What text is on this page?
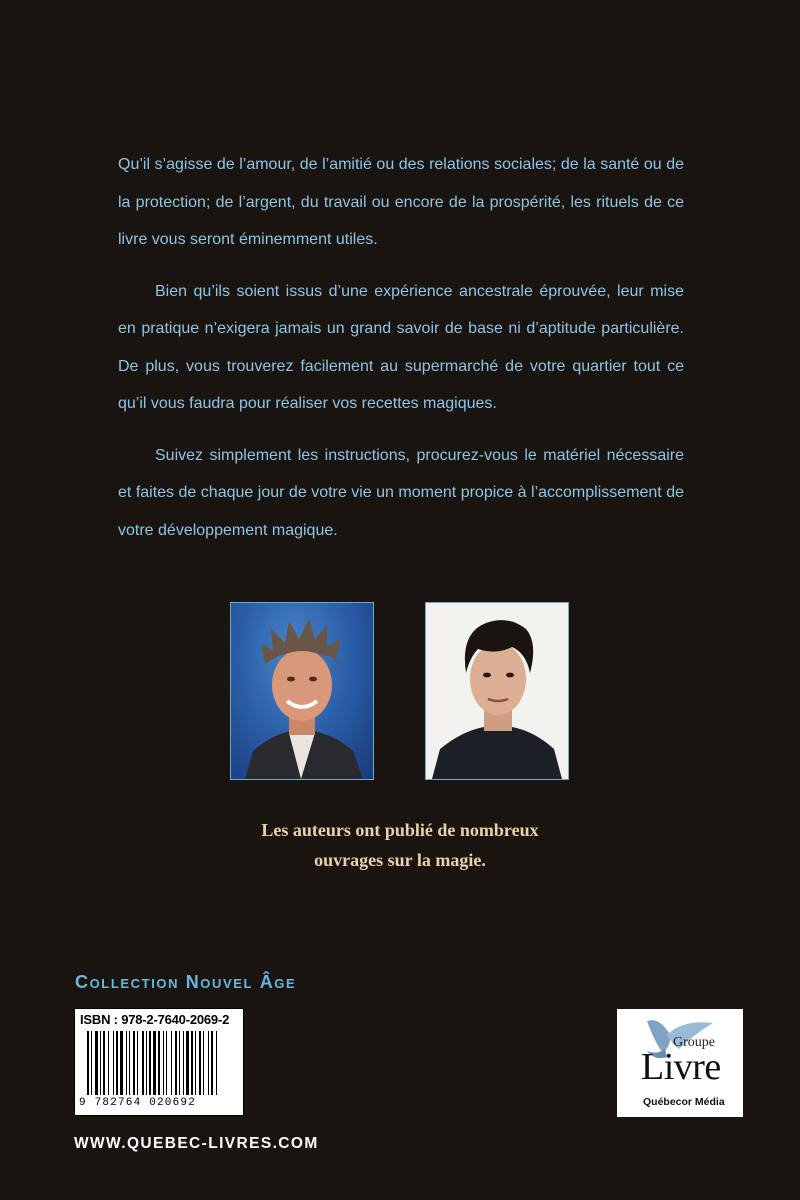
Qu’il s’agisse de l’amour, de l’amitié ou des relations sociales; de la santé ou de la protection; de l’argent, du travail ou encore de la prospérité, les rituels de ce livre vous seront éminemment utiles.

Bien qu’ils soient issus d’une expérience ancestrale éprouvée, leur mise en pratique n’exigera jamais un grand savoir de base ni d’aptitude particulière. De plus, vous trouverez facilement au supermarché de votre quartier tout ce qu’il vous faudra pour réaliser vos recettes magiques.

Suivez simplement les instructions, procurez-vous le matériel nécessaire et faites de chaque jour de votre vie un moment propice à l’accomplissement de votre développement magique.

Les auteurs ont publié de nombreux
ouvrages sur la magie.
Collection Nouvel Âge
ISBN : 978-2-7640-2069-2
9 782764 020692
Groupe
Livre
Québecor Média
WWW.QUEBEC-LIVRES.COM
